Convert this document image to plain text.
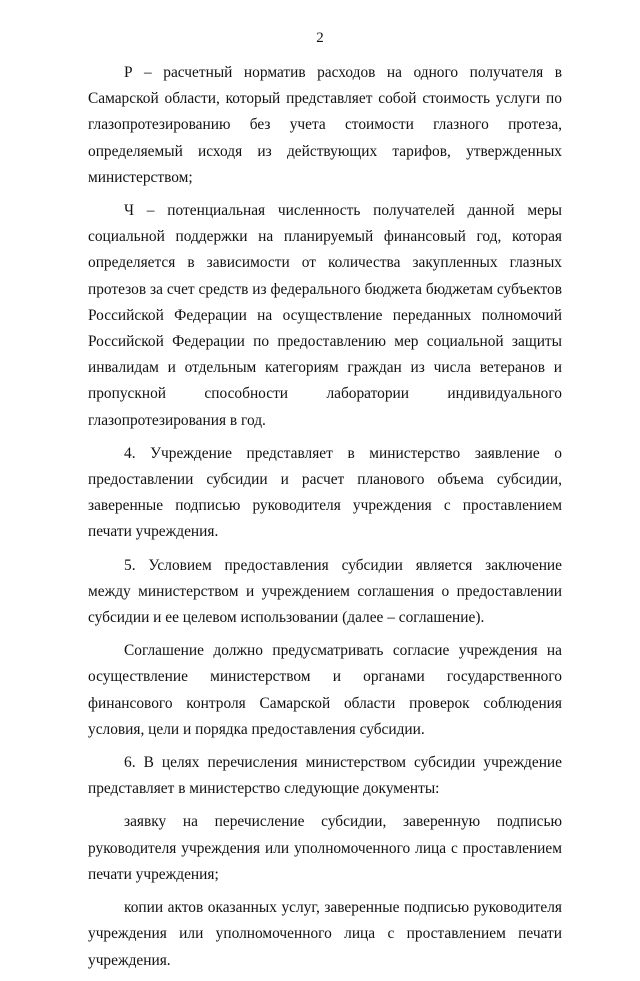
2

Р – расчетный норматив расходов на одного получателя в Самарской области, который представляет собой стоимость услуги по глазопротезированию без учета стоимости глазного протеза, определяемый исходя из действующих тарифов, утвержденных министерством;

Ч – потенциальная численность получателей данной меры социальной поддержки на планируемый финансовый год, которая определяется в зависимости от количества закупленных глазных протезов за счет средств из федерального бюджета бюджетам субъектов Российской Федерации на осуществление переданных полномочий Российской Федерации по предоставлению мер социальной защиты инвалидам и отдельным категориям граждан из числа ветеранов и пропускной способности лаборатории индивидуального глазопротезирования в год.

4. Учреждение представляет в министерство заявление о предоставлении субсидии и расчет планового объема субсидии, заверенные подписью руководителя учреждения с проставлением печати учреждения.

5. Условием предоставления субсидии является заключение между министерством и учреждением соглашения о предоставлении субсидии и ее целевом использовании (далее – соглашение).

Соглашение должно предусматривать согласие учреждения на осуществление министерством и органами государственного финансового контроля Самарской области проверок соблюдения условия, цели и порядка предоставления субсидии.

6. В целях перечисления министерством субсидии учреждение представляет в министерство следующие документы:

заявку на перечисление субсидии, заверенную подписью руководителя учреждения или уполномоченного лица с проставлением печати учреждения;

копии актов оказанных услуг, заверенные подписью руководителя учреждения или уполномоченного лица с проставлением печати учреждения.
